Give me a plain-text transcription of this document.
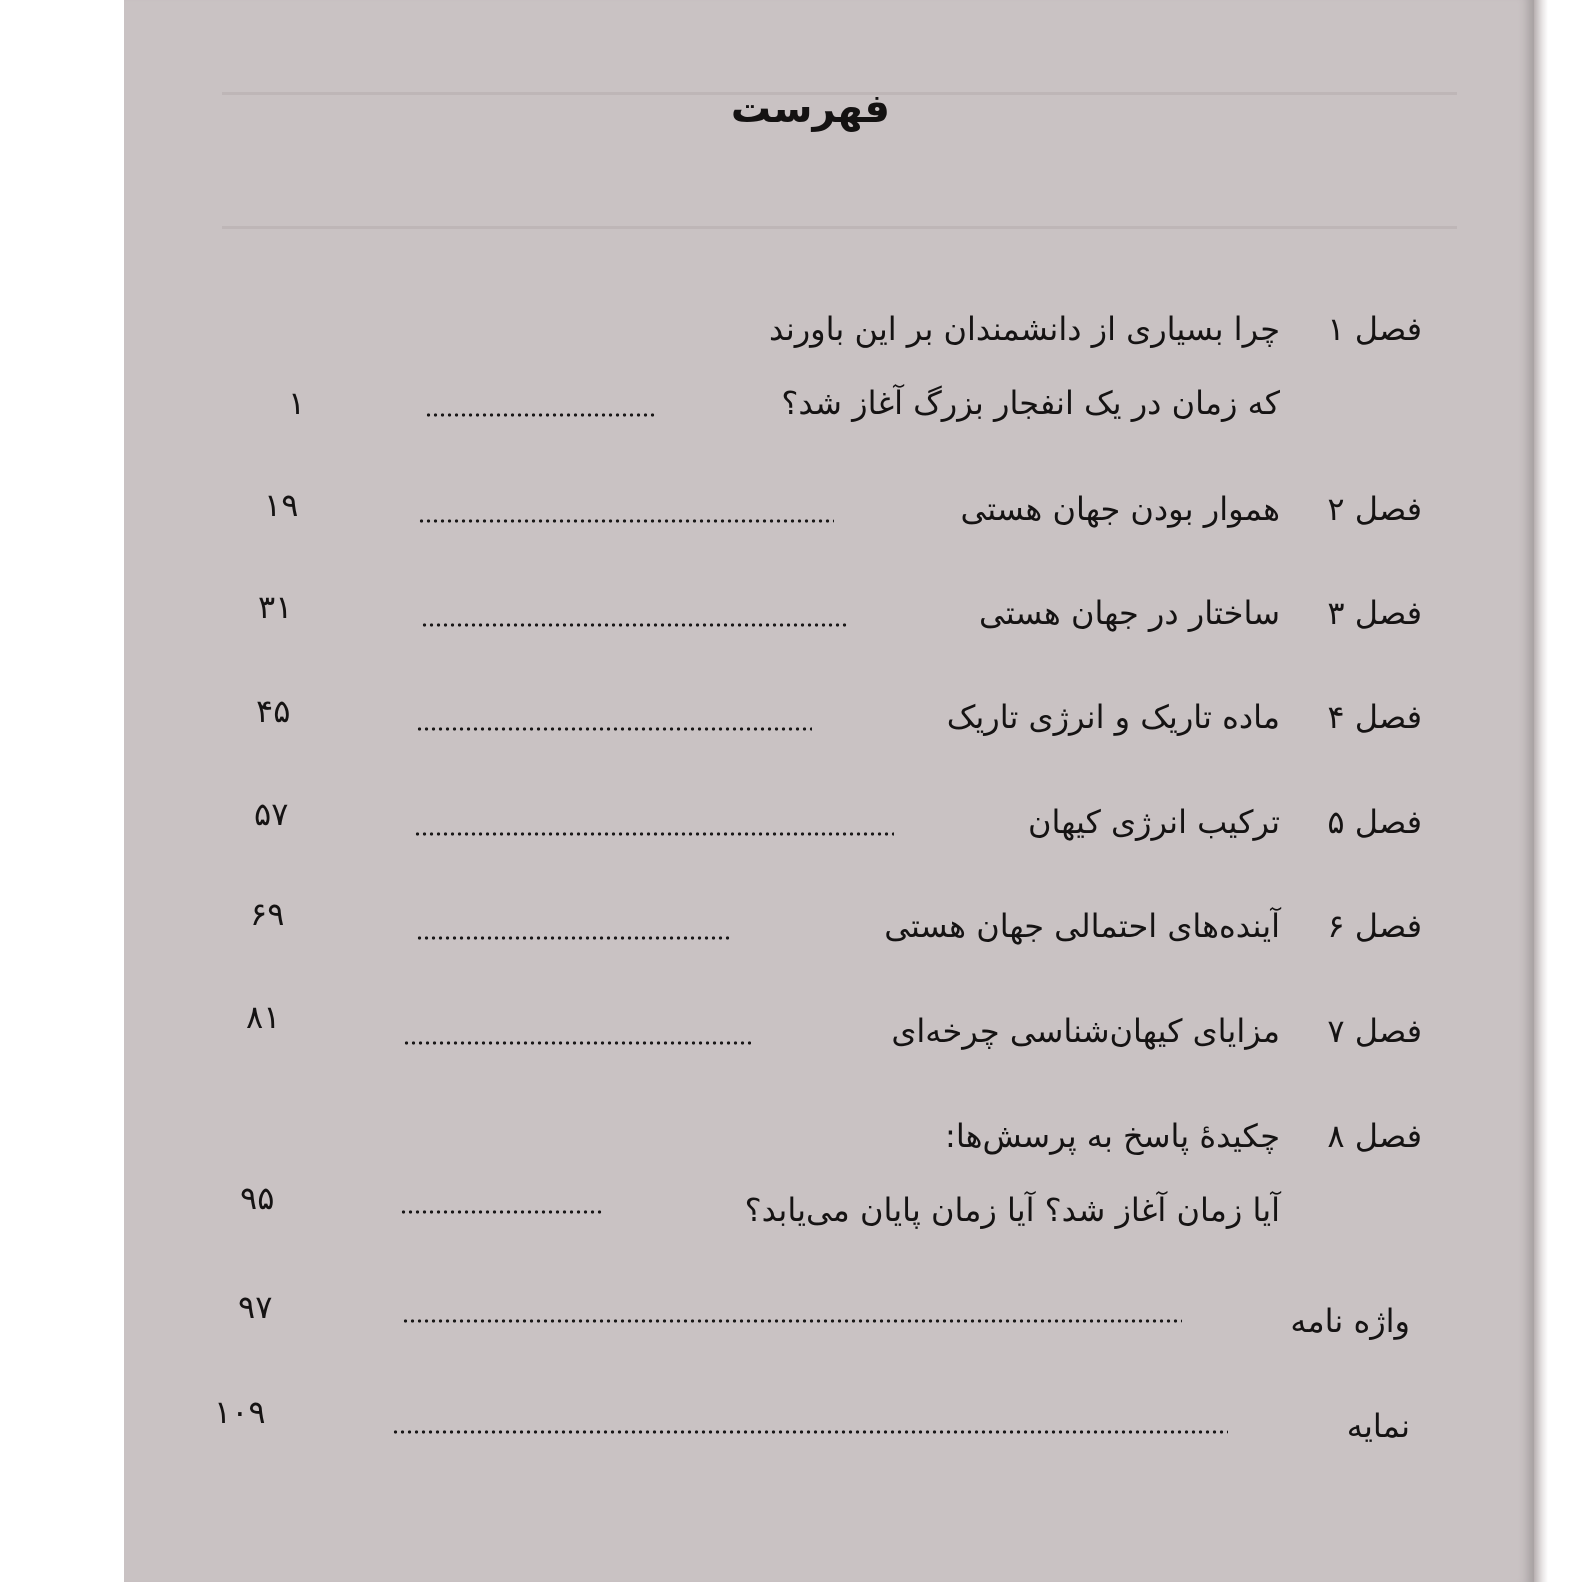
فهرست
فصل ۱
چرا بسیاری از دانشمندان بر این باورند
که زمان در یک انفجار بزرگ آغاز شد؟
۱
فصل ۲
هموار بودن جهان هستی
۱۹
فصل ۳
ساختار در جهان هستی
۳۱
فصل ۴
ماده تاریک و انرژی تاریک
۴۵
فصل ۵
ترکیب انرژی کیهان
۵۷
فصل ۶
آینده‌های احتمالی جهان هستی
۶۹
فصل ۷
مزایای کیهان‌شناسی چرخه‌ای
۸۱
فصل ۸
چکیدهٔ پاسخ به پرسش‌ها:
آیا زمان آغاز شد؟ آیا زمان پایان می‌یابد؟
۹۵
واژه نامه
۹۷
نمایه
۱۰۹
